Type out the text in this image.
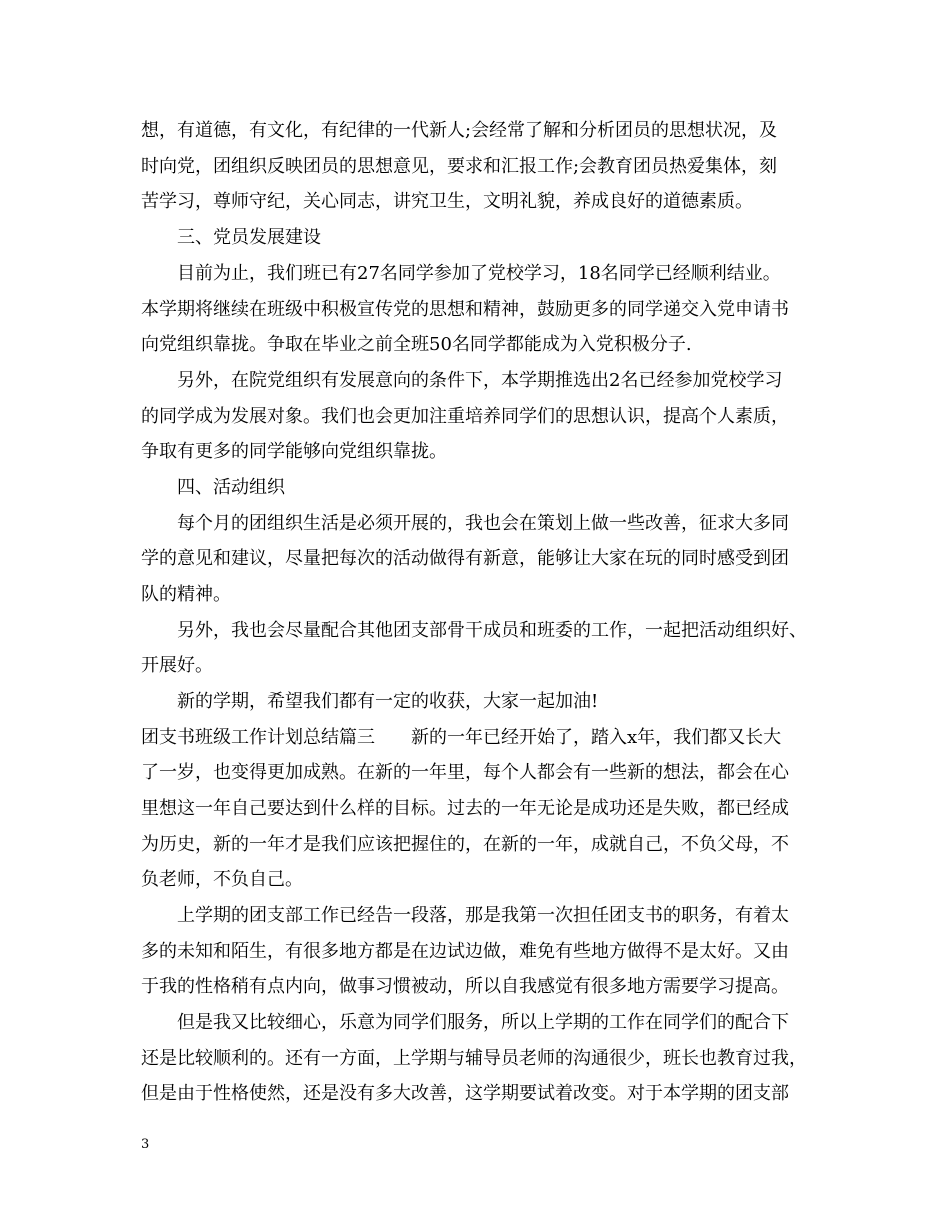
想，有道德，有文化，有纪律的一代新人;会经常了解和分析团员的思想状况，及
时向党，团组织反映团员的思想意见，要求和汇报工作;会教育团员热爱集体，刻
苦学习，尊师守纪，关心同志，讲究卫生，文明礼貌，养成良好的道德素质。
三、党员发展建设
目前为止，我们班已有27名同学参加了党校学习，18名同学已经顺利结业。
本学期将继续在班级中积极宣传党的思想和精神，鼓励更多的同学递交入党申请书
向党组织靠拢。争取在毕业之前全班50名同学都能成为入党积极分子.
另外，在院党组织有发展意向的条件下，本学期推选出2名已经参加党校学习
的同学成为发展对象。我们也会更加注重培养同学们的思想认识，提高个人素质，
争取有更多的同学能够向党组织靠拢。
四、活动组织
每个月的团组织生活是必须开展的，我也会在策划上做一些改善，征求大多同
学的意见和建议，尽量把每次的活动做得有新意，能够让大家在玩的同时感受到团
队的精神。
另外，我也会尽量配合其他团支部骨干成员和班委的工作，一起把活动组织好、
开展好。
新的学期，希望我们都有一定的收获，大家一起加油!
团支书班级工作计划总结篇三　　新的一年已经开始了，踏入x年，我们都又长大
了一岁，也变得更加成熟。在新的一年里，每个人都会有一些新的想法，都会在心
里想这一年自己要达到什么样的目标。过去的一年无论是成功还是失败，都已经成
为历史，新的一年才是我们应该把握住的，在新的一年，成就自己，不负父母，不
负老师，不负自己。
上学期的团支部工作已经告一段落，那是我第一次担任团支书的职务，有着太
多的未知和陌生，有很多地方都是在边试边做，难免有些地方做得不是太好。又由
于我的性格稍有点内向，做事习惯被动，所以自我感觉有很多地方需要学习提高。
但是我又比较细心，乐意为同学们服务，所以上学期的工作在同学们的配合下
还是比较顺利的。还有一方面，上学期与辅导员老师的沟通很少，班长也教育过我，
但是由于性格使然，还是没有多大改善，这学期要试着改变。对于本学期的团支部
3
